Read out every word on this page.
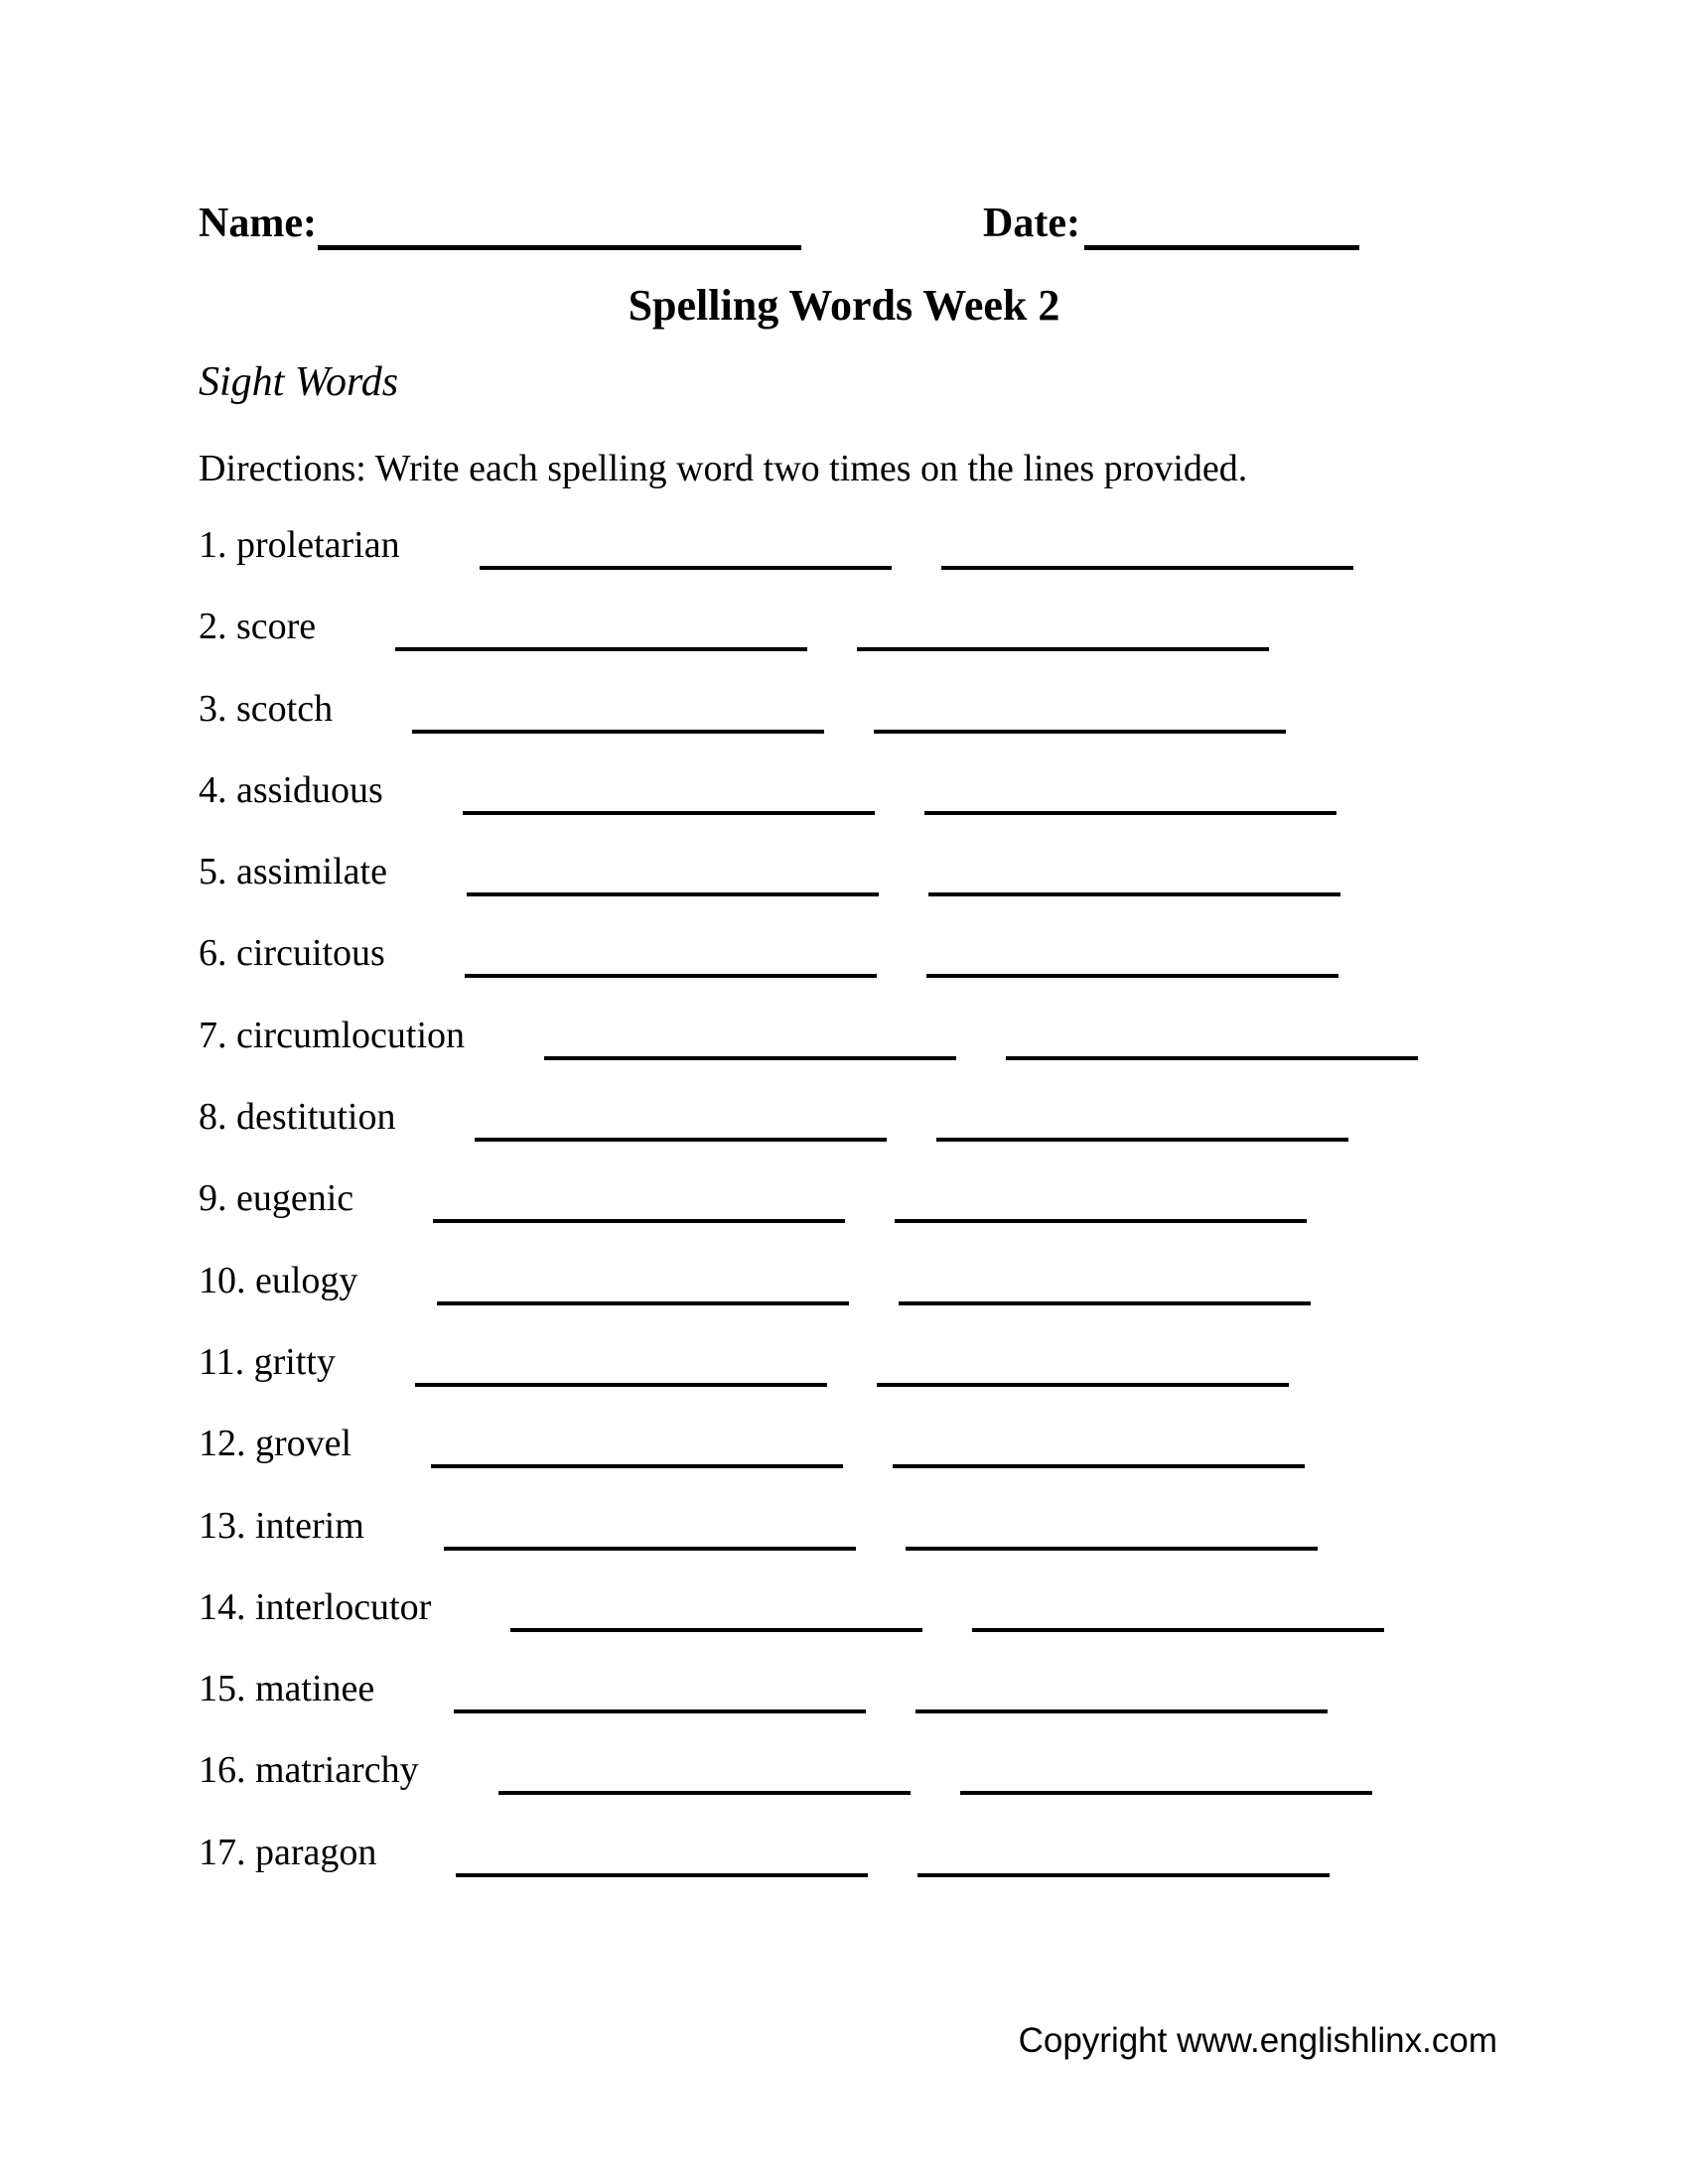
Name:	Date:
Spelling Words Week 2
Sight Words
Directions: Write each spelling word two times on the lines provided.
1. proletarian
2. score
3. scotch
4. assiduous
5. assimilate
6. circuitous
7. circumlocution
8. destitution
9. eugenic
10. eulogy
11. gritty
12. grovel
13. interim
14. interlocutor
15. matinee
16. matriarchy
17. paragon
Copyright www.englishlinx.com
